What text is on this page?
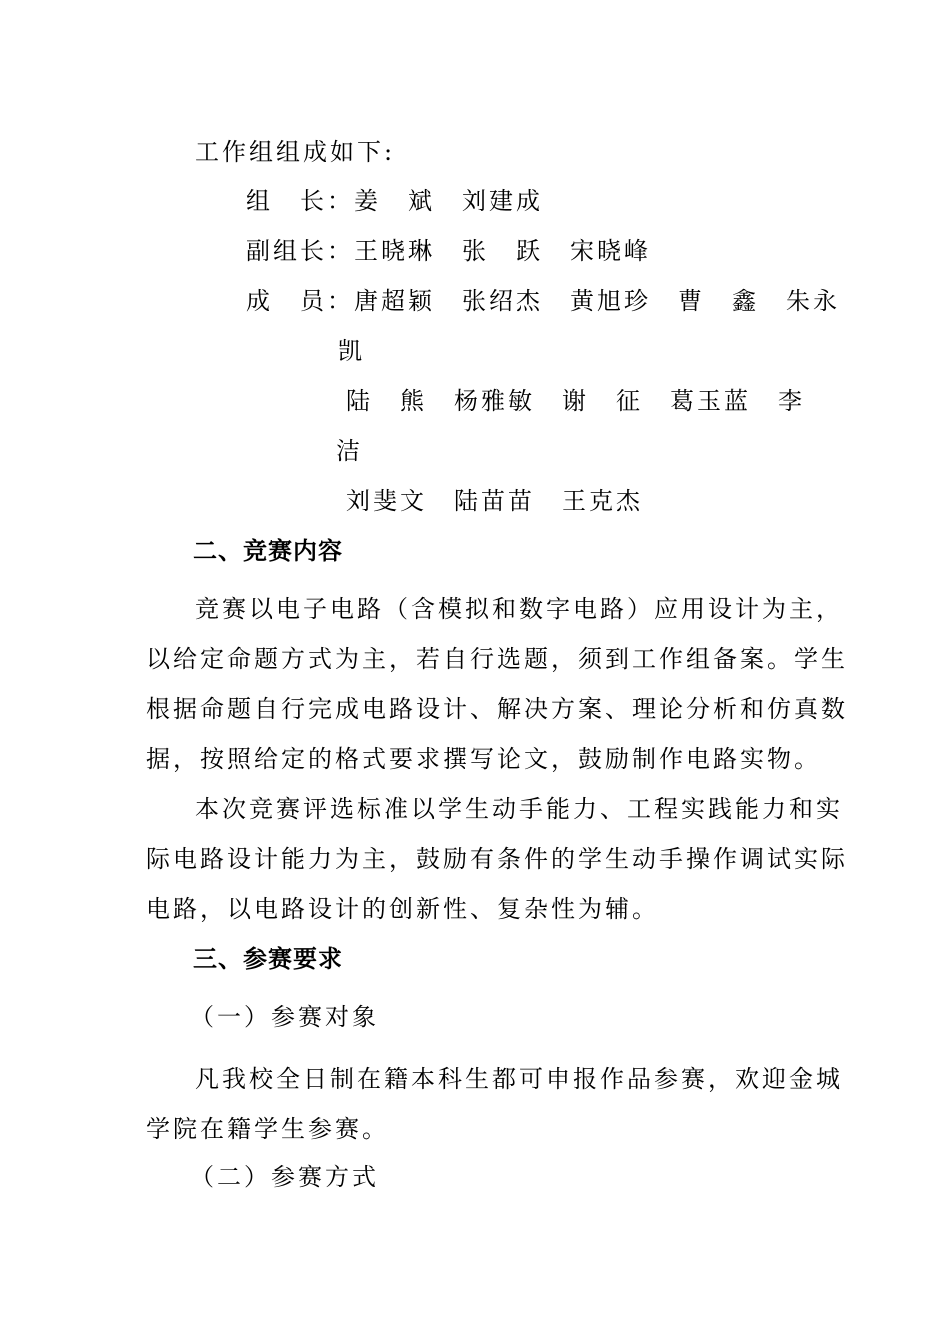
工作组组成如下:

组　长：姜　斌　刘建成

副组长：王晓琳　张　跃　宋晓峰

成　员：唐超颖　张绍杰　黄旭珍　曹　鑫　朱永

凯

陆　熊　杨雅敏　谢　征　葛玉蓝　李

洁

刘斐文　陆苗苗　王克杰

二、竞赛内容

竞赛以电子电路（含模拟和数字电路）应用设计为主，

以给定命题方式为主，若自行选题，须到工作组备案。学生

根据命题自行完成电路设计、解决方案、理论分析和仿真数

据，按照给定的格式要求撰写论文，鼓励制作电路实物。

本次竞赛评选标准以学生动手能力、工程实践能力和实

际电路设计能力为主，鼓励有条件的学生动手操作调试实际

电路，以电路设计的创新性、复杂性为辅。

三、参赛要求

（一）参赛对象

凡我校全日制在籍本科生都可申报作品参赛，欢迎金城

学院在籍学生参赛。

（二）参赛方式
